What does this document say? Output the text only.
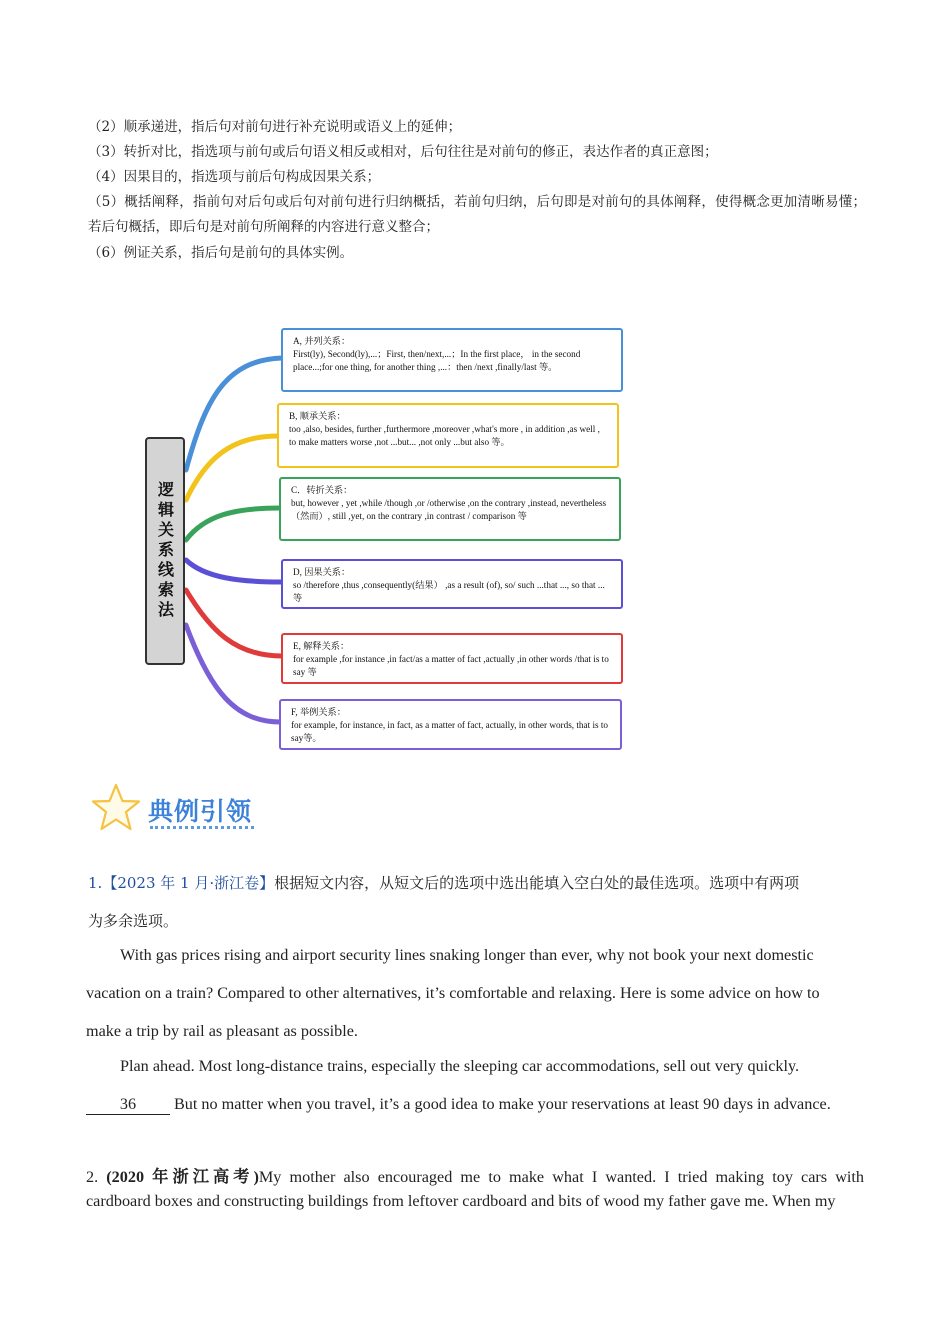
（2）顺承递进，指后句对前句进行补充说明或语义上的延伸；
（3）转折对比，指选项与前句或后句语义相反或相对，后句往往是对前句的修正，表达作者的真正意图；
（4）因果目的，指选项与前后句构成因果关系；
（5）概括阐释，指前句对后句或后句对前句进行归纳概括，若前句归纳，后句即是对前句的具体阐释，使得概念更加清晰易懂；若后句概括，即后句是对前句所阐释的内容进行意义整合；
（6）例证关系，指后句是前句的具体实例。
逻辑关系线索法
A, 并列关系：
First(ly), Second(ly),...；First, then/next,...；In the first place， in the second place...;for one thing, for another thing ,...：then /next ,finally/last 等。
B, 顺承关系：
too ,also, besides, further ,furthermore ,moreover ,what's more , in addition ,as well , to make matters worse ,not ...but... ,not only ...but also 等。
C．转折关系：
but, however , yet ,while /though ,or /otherwise ,on the contrary ,instead, nevertheless（然而）, still ,yet, on the contrary ,in contrast / comparison 等
D, 因果关系：
so /therefore ,thus ,consequently(结果） ,as a result (of), so/ such ...that ..., so that ...等
E, 解释关系：
for example ,for instance ,in fact/as a matter of fact ,actually ,in other words /that is to say 等
F, 举例关系：
for example, for instance, in fact, as a matter of fact, actually, in other words, that is to say等。
典例引领
1.【2023 年 1 月·浙江卷】根据短文内容，从短文后的选项中选出能填入空白处的最佳选项。选项中有两项
为多余选项。
With gas prices rising and airport security lines snaking longer than ever, why not book your next domestic
vacation on a train? Compared to other alternatives, it’s comfortable and relaxing. Here is some advice on how to
make a trip by rail as pleasant as possible.
Plan ahead. Most long-distance trains, especially the sleeping car accommodations, sell out very quickly.
36 But no matter when you travel, it’s a good idea to make your reservations at least 90 days in advance.
2. (2020 年浙江高考)My mother also encouraged me to make what I wanted. I tried making toy cars with
cardboard boxes and constructing buildings from leftover cardboard and bits of wood my father gave me. When my
